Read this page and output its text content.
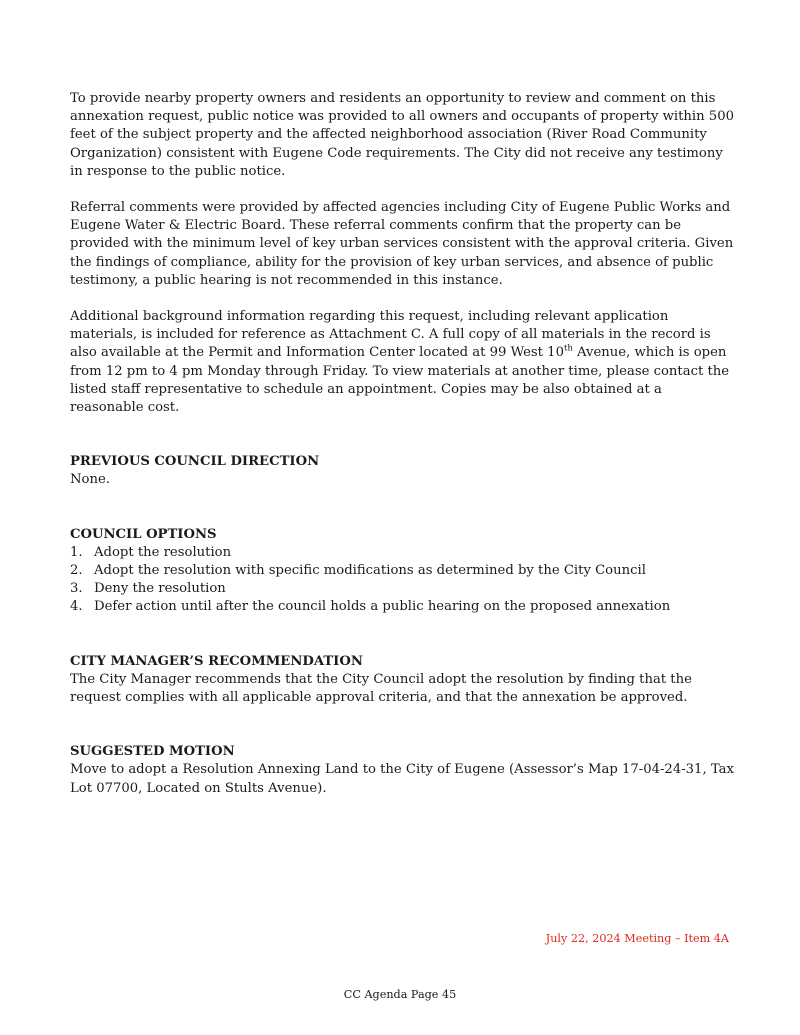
To provide nearby property owners and residents an opportunity to review and comment on this annexation request, public notice was provided to all owners and occupants of property within 500 feet of the subject property and the affected neighborhood association (River Road Community Organization) consistent with Eugene Code requirements. The City did not receive any testimony in response to the public notice.

Referral comments were provided by affected agencies including City of Eugene Public Works and Eugene Water & Electric Board. These referral comments confirm that the property can be provided with the minimum level of key urban services consistent with the approval criteria. Given the findings of compliance, ability for the provision of key urban services, and absence of public testimony, a public hearing is not recommended in this instance.

Additional background information regarding this request, including relevant application materials, is included for reference as Attachment C. A full copy of all materials in the record is also available at the Permit and Information Center located at 99 West 10th Avenue, which is open from 12 pm to 4 pm Monday through Friday. To view materials at another time, please contact the listed staff representative to schedule an appointment. Copies may be also obtained at a reasonable cost.

PREVIOUS COUNCIL DIRECTION
None.
COUNCIL OPTIONS
1. Adopt the resolution
2. Adopt the resolution with specific modifications as determined by the City Council
3. Deny the resolution
4. Defer action until after the council holds a public hearing on the proposed annexation
CITY MANAGER’S RECOMMENDATION
The City Manager recommends that the City Council adopt the resolution by finding that the request complies with all applicable approval criteria, and that the annexation be approved.
SUGGESTED MOTION
Move to adopt a Resolution Annexing Land to the City of Eugene (Assessor’s Map 17-04-24-31, Tax Lot 07700, Located on Stults Avenue).
July 22, 2024 Meeting – Item 4A
CC Agenda Page 45
